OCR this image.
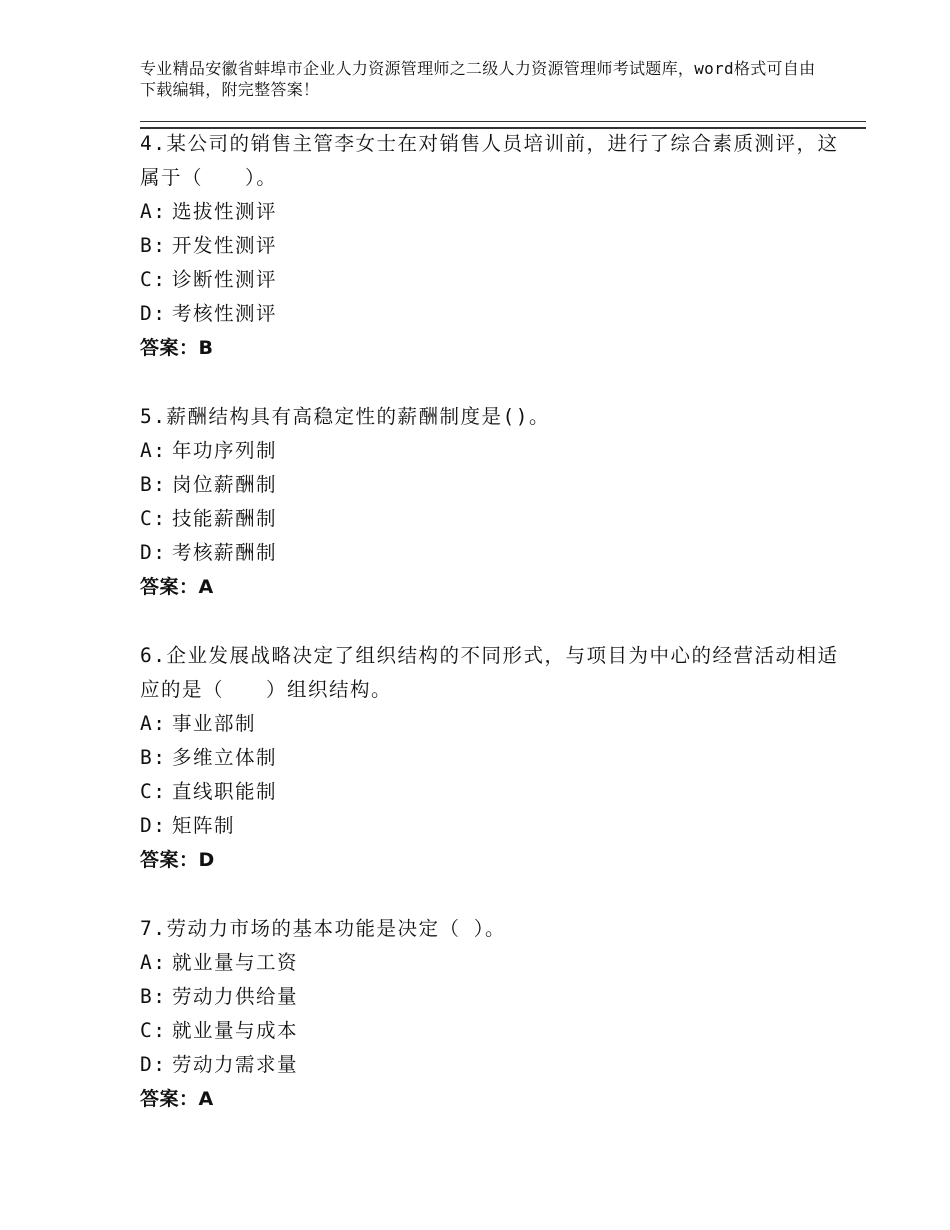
专业精品安徽省蚌埠市企业人力资源管理师之二级人力资源管理师考试题库，word格式可自由下载编辑，附完整答案！

4.某公司的销售主管李女士在对销售人员培训前，进行了综合素质测评，这属于（　　）。

A: 选拔性测评

B: 开发性测评

C: 诊断性测评

D: 考核性测评

答案：B

5.薪酬结构具有高稳定性的薪酬制度是()。

A: 年功序列制

B: 岗位薪酬制

C: 技能薪酬制

D: 考核薪酬制

答案：A

6.企业发展战略决定了组织结构的不同形式，与项目为中心的经营活动相适应的是（　　）组织结构。

A: 事业部制

B: 多维立体制

C: 直线职能制

D: 矩阵制

答案：D

7.劳动力市场的基本功能是决定（ ）。

A: 就业量与工资

B: 劳动力供给量

C: 就业量与成本

D: 劳动力需求量

答案：A
